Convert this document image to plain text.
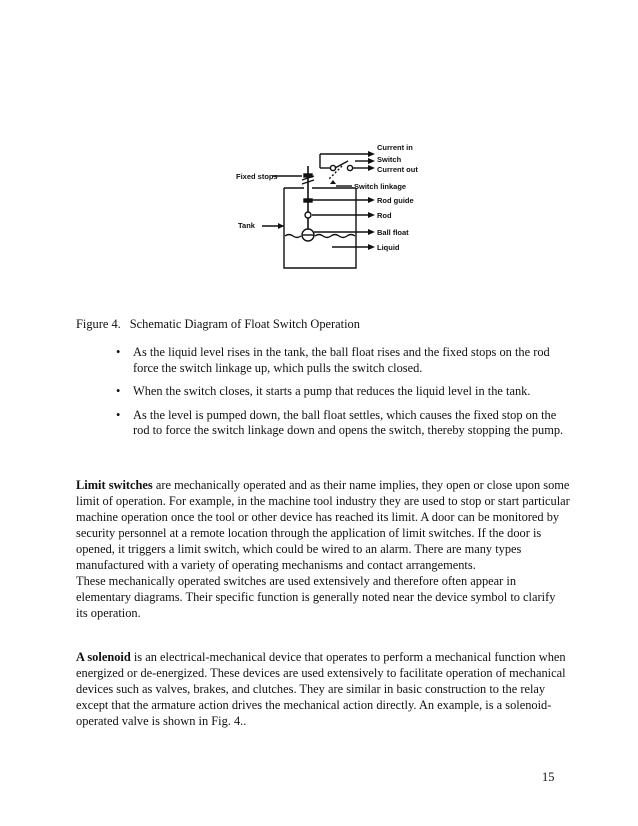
Current in
Switch
Current out
Fixed stops
Switch linkage
Rod guide
Rod
Tank
Ball float
Liquid
Figure 4. Schematic Diagram of Float Switch Operation
• As the liquid level rises in the tank, the ball float rises and the fixed stops on the rod force the switch linkage up, which pulls the switch closed.
• When the switch closes, it starts a pump that reduces the liquid level in the tank.
• As the level is pumped down, the ball float settles, which causes the fixed stop on the rod to force the switch linkage down and opens the switch, thereby stopping the pump.

Limit switches are mechanically operated and as their name implies, they open or close upon some limit of operation. For example, in the machine tool industry they are used to stop or start particular machine operation once the tool or other device has reached its limit. A door can be monitored by security personnel at a remote location through the application of limit switches. If the door is opened, it triggers a limit switch, which could be wired to an alarm. There are many types manufactured with a variety of operating mechanisms and contact arrangements.
These mechanically operated switches are used extensively and therefore often appear in elementary diagrams. Their specific function is generally noted near the device symbol to clarify its operation.

A solenoid is an electrical-mechanical device that operates to perform a mechanical function when energized or de-energized. These devices are used extensively to facilitate operation of mechanical devices such as valves, brakes, and clutches. They are similar in basic construction to the relay except that the armature action drives the mechanical action directly. An example, is a solenoid-operated valve is shown in Fig. 4..

15
